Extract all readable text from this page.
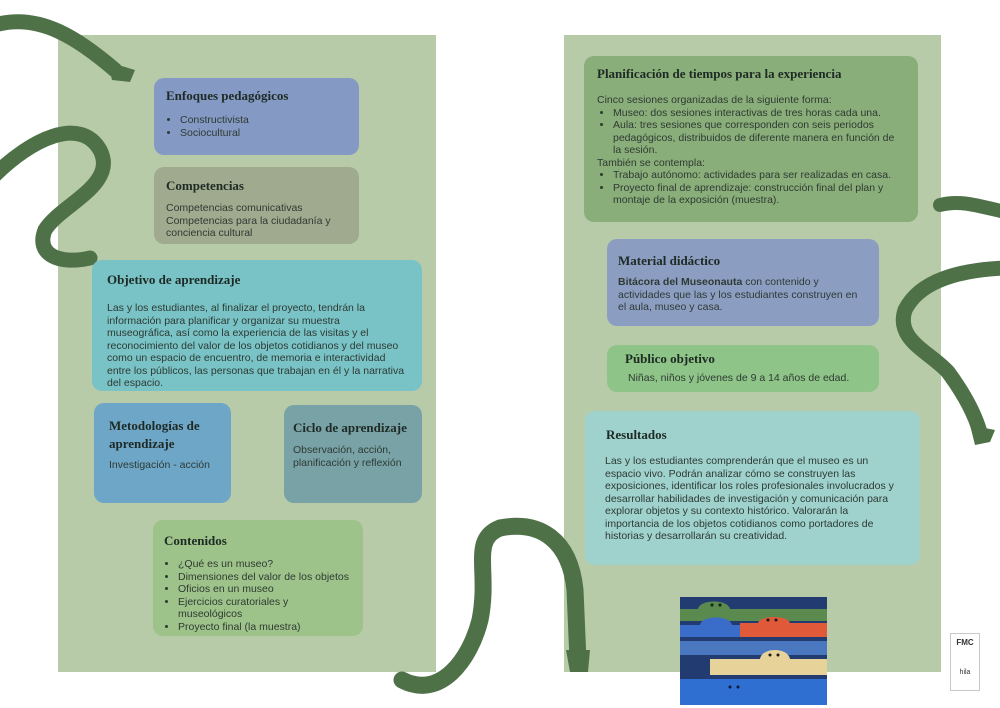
Enfoques pedagógicos
• Constructivista
• Sociocultural
Competencias
Competencias comunicativas
Competencias para la ciudadanía y
conciencia cultural
Objetivo de aprendizaje

Las y los estudiantes, al finalizar el proyecto, tendrán la información para planificar y organizar su muestra museográfica, así como la experiencia de las visitas y el reconocimiento del valor de los objetos cotidianos y del museo como un espacio de encuentro, de memoria e interactividad entre los públicos, las personas que trabajan en él y la narrativa del espacio.

Metodologías de aprendizaje

Investigación - acción

Ciclo de aprendizaje

Observación, acción, planificación y reflexión

Contenidos
• ¿Qué es un museo?
• Dimensiones del valor de los objetos
• Oficios en un museo
• Ejercicios curatoriales y museológicos
• Proyecto final (la muestra)
Planificación de tiempos para la experiencia

Cinco sesiones organizadas de la siguiente forma:

• Museo: dos sesiones interactivas de tres horas cada una.
• Aula: tres sesiones que corresponden con seis periodos pedagógicos, distribuidos de diferente manera en función de la sesión.

También se contempla:

• Trabajo autónomo: actividades para ser realizadas en casa.
• Proyecto final de aprendizaje: construcción final del plan y montaje de la exposición (muestra).
Material didáctico

Bitácora del Museonauta con contenido y actividades que las y los estudiantes construyen en el aula, museo y casa.

Público objetivo

Niñas, niños y jóvenes de 9 a 14 años de edad.

Resultados

Las y los estudiantes comprenderán que el museo es un espacio vivo. Podrán analizar cómo se construyen las exposiciones, identificar los roles profesionales involucrados y desarrollar habilidades de investigación y comunicación para explorar objetos y su contexto histórico. Valorarán la importancia de los objetos cotidianos como portadores de historias y desarrollarán su creatividad.

FMC
hila
